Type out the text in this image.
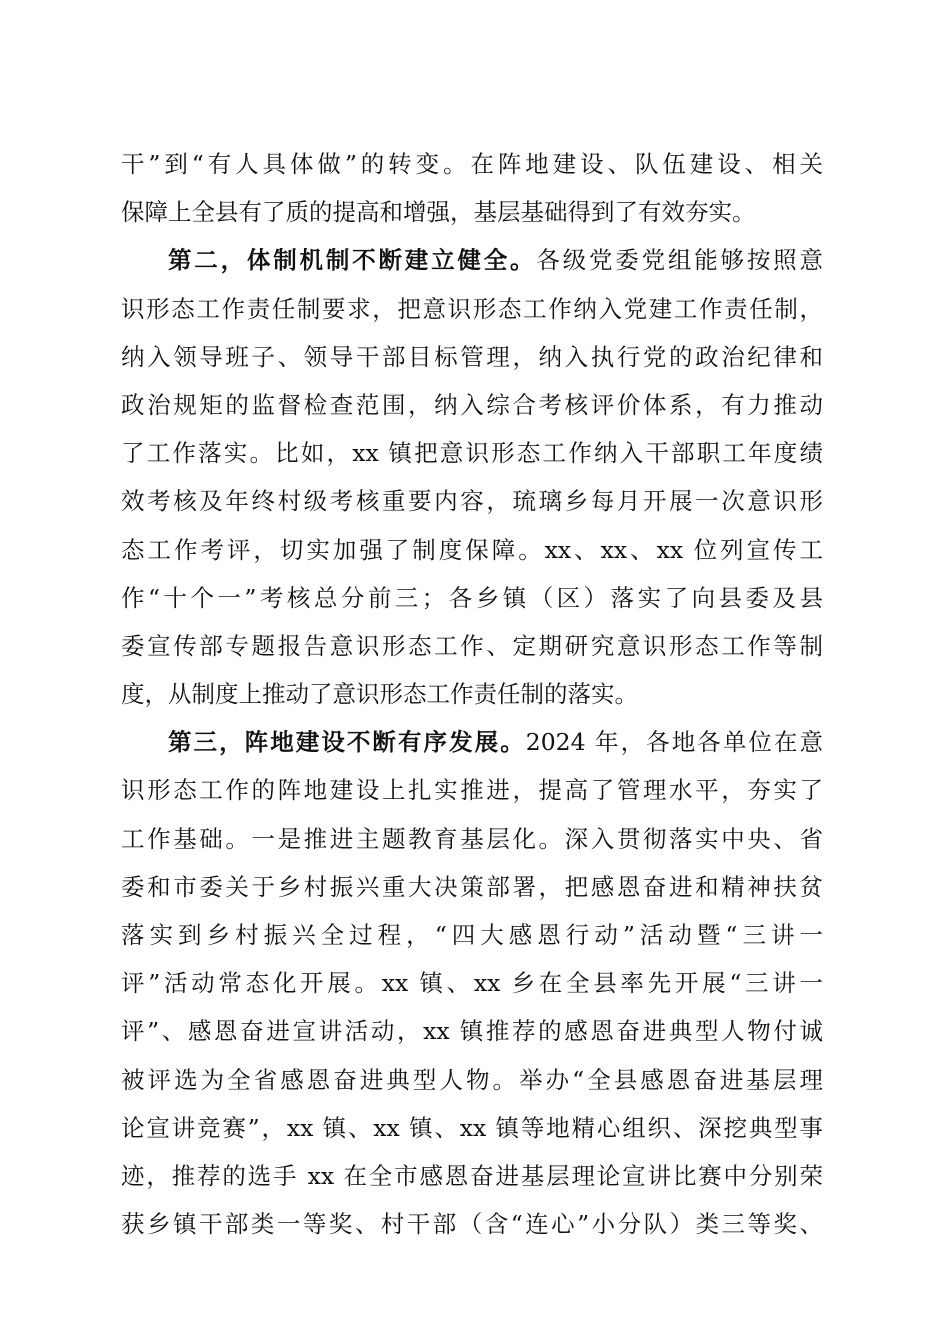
干”到“有人具体做”的转变。在阵地建设、队伍建设、相关
保障上全县有了质的提高和增强，基层基础得到了有效夯实。
第二，体制机制不断建立健全。各级党委党组能够按照意
识形态工作责任制要求，把意识形态工作纳入党建工作责任制，
纳入领导班子、领导干部目标管理，纳入执行党的政治纪律和
政治规矩的监督检查范围，纳入综合考核评价体系，有力推动
了工作落实。比如，xx 镇把意识形态工作纳入干部职工年度绩
效考核及年终村级考核重要内容，琉璃乡每月开展一次意识形
态工作考评，切实加强了制度保障。xx、xx、xx 位列宣传工
作“十个一”考核总分前三；各乡镇（区）落实了向县委及县
委宣传部专题报告意识形态工作、定期研究意识形态工作等制
度，从制度上推动了意识形态工作责任制的落实。
第三，阵地建设不断有序发展。2024 年，各地各单位在意
识形态工作的阵地建设上扎实推进，提高了管理水平，夯实了
工作基础。一是推进主题教育基层化。深入贯彻落实中央、省
委和市委关于乡村振兴重大决策部署，把感恩奋进和精神扶贫
落实到乡村振兴全过程，“四大感恩行动”活动暨“三讲一
评”活动常态化开展。xx 镇、xx 乡在全县率先开展“三讲一
评”、感恩奋进宣讲活动，xx 镇推荐的感恩奋进典型人物付诚
被评选为全省感恩奋进典型人物。举办“全县感恩奋进基层理
论宣讲竞赛”，xx 镇、xx 镇、xx 镇等地精心组织、深挖典型事
迹，推荐的选手 xx 在全市感恩奋进基层理论宣讲比赛中分别荣
获乡镇干部类一等奖、村干部（含“连心”小分队）类三等奖、
